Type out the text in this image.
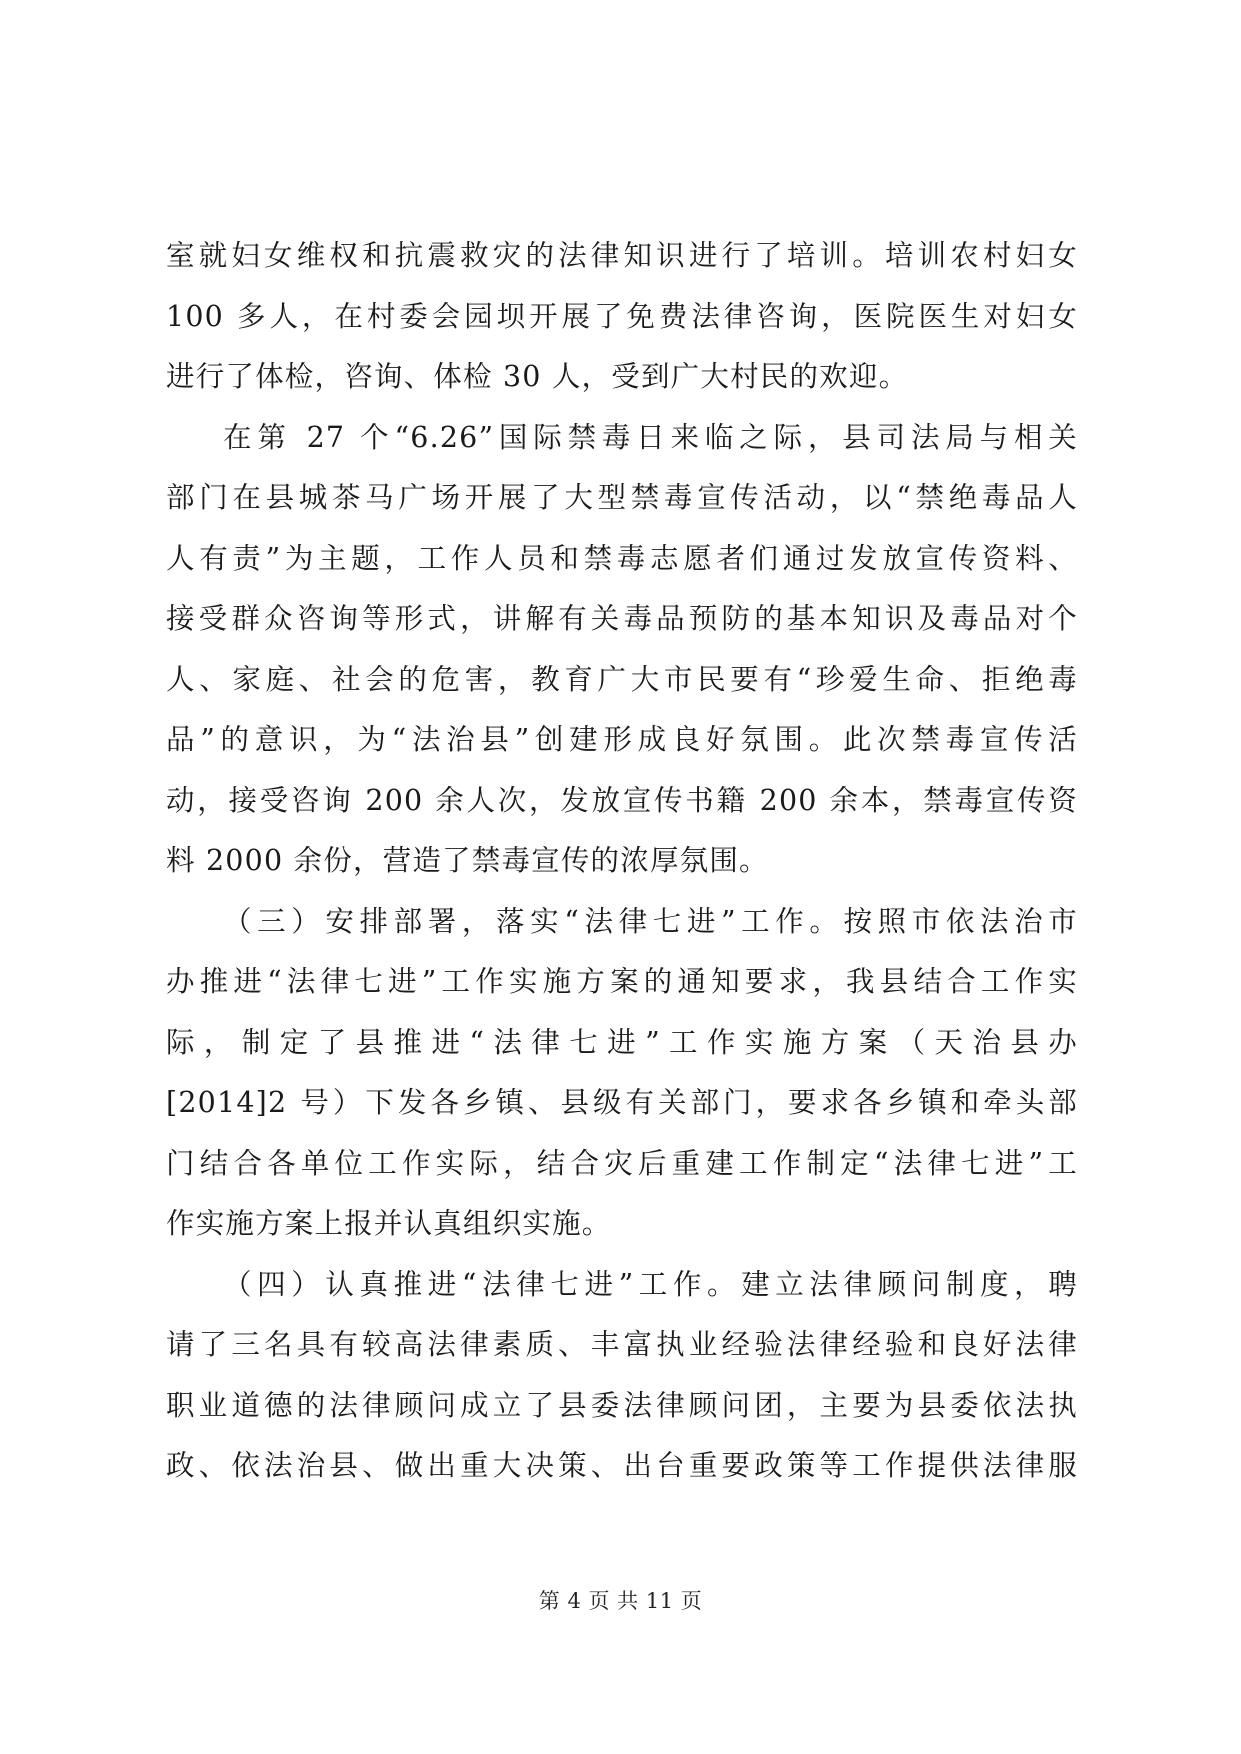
室就妇女维权和抗震救灾的法律知识进行了培训。培训农村妇女
100 多人，在村委会园坝开展了免费法律咨询，医院医生对妇女
进行了体检，咨询、体检 30 人，受到广大村民的欢迎。
在第 27 个“6.26”国际禁毒日来临之际，县司法局与相关
部门在县城茶马广场开展了大型禁毒宣传活动，以“禁绝毒品人
人有责”为主题，工作人员和禁毒志愿者们通过发放宣传资料、
接受群众咨询等形式，讲解有关毒品预防的基本知识及毒品对个
人、家庭、社会的危害，教育广大市民要有“珍爱生命、拒绝毒
品”的意识，为“法治县”创建形成良好氛围。此次禁毒宣传活
动，接受咨询 200 余人次，发放宣传书籍 200 余本，禁毒宣传资
料 2000 余份，营造了禁毒宣传的浓厚氛围。
（三）安排部署，落实“法律七进”工作。按照市依法治市
办推进“法律七进”工作实施方案的通知要求，我县结合工作实
际，制定了县推进“法律七进”工作实施方案（天治县办
[2014]2 号）下发各乡镇、县级有关部门，要求各乡镇和牵头部
门结合各单位工作实际，结合灾后重建工作制定“法律七进”工
作实施方案上报并认真组织实施。
（四）认真推进“法律七进”工作。建立法律顾问制度，聘
请了三名具有较高法律素质、丰富执业经验法律经验和良好法律
职业道德的法律顾问成立了县委法律顾问团，主要为县委依法执
政、依法治县、做出重大决策、出台重要政策等工作提供法律服
第 4 页 共 11 页
